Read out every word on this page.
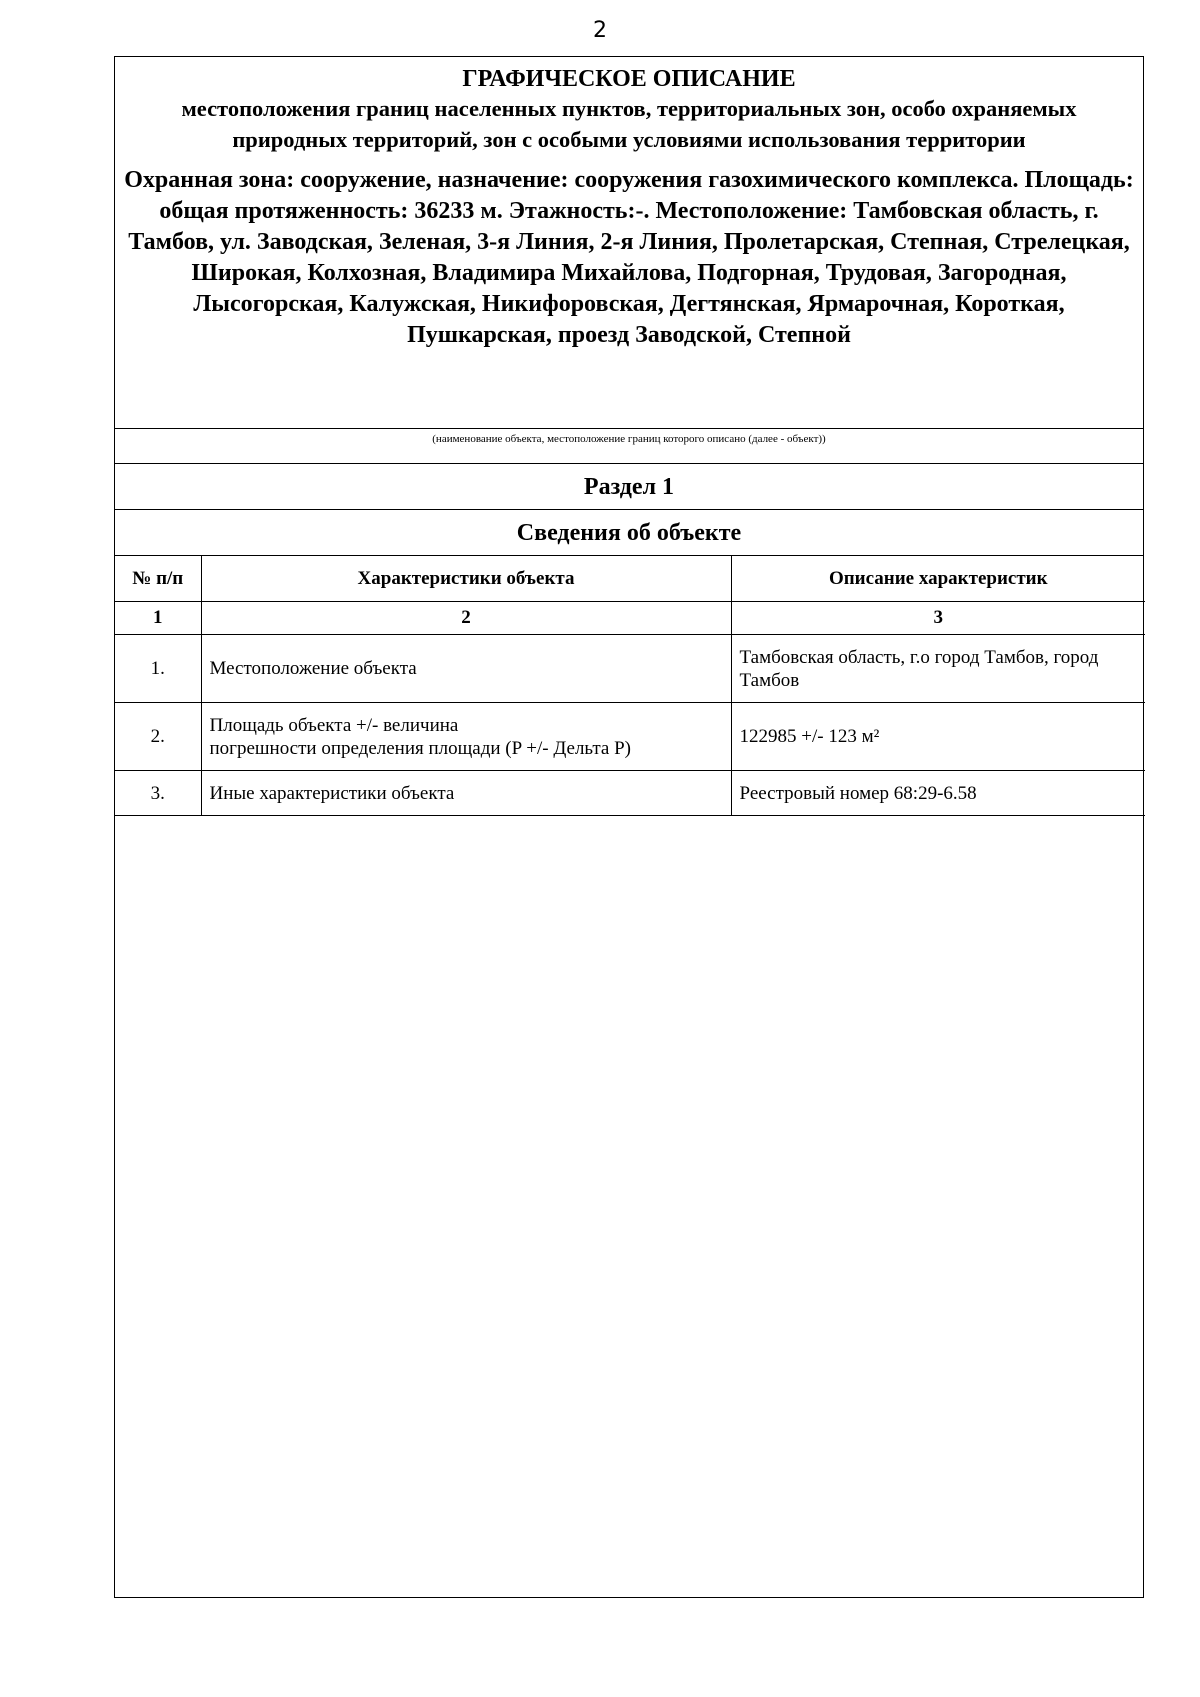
2
ГРАФИЧЕСКОЕ ОПИСАНИЕ
местоположения границ населенных пунктов, территориальных зон, особо охраняемых природных территорий, зон с особыми условиями использования территории
Охранная зона: сооружение, назначение: сооружения газохимического комплекса. Площадь: общая протяженность: 36233 м. Этажность:-. Местоположение: Тамбовская область, г. Тамбов, ул. Заводская, Зеленая, 3-я Линия, 2-я Линия, Пролетарская, Степная, Стрелецкая, Широкая, Колхозная, Владимира Михайлова, Подгорная, Трудовая, Загородная, Лысогорская, Калужская, Никифоровская, Дегтянская, Ярмарочная, Короткая, Пушкарская, проезд Заводской, Степной
(наименование объекта, местоположение границ которого описано (далее - объект))
Раздел 1
Сведения об объекте
№ п/п	Характеристики объекта	Описание характеристик
1	2	3
1.	Местоположение объекта	Тамбовская область, г.о город Тамбов, город Тамбов
2.	Площадь объекта +/- величина
погрешности определения площади (P +/- Дельта P)	122985 +/- 123 м²
3.	Иные характеристики объекта	Реестровый номер 68:29-6.58
